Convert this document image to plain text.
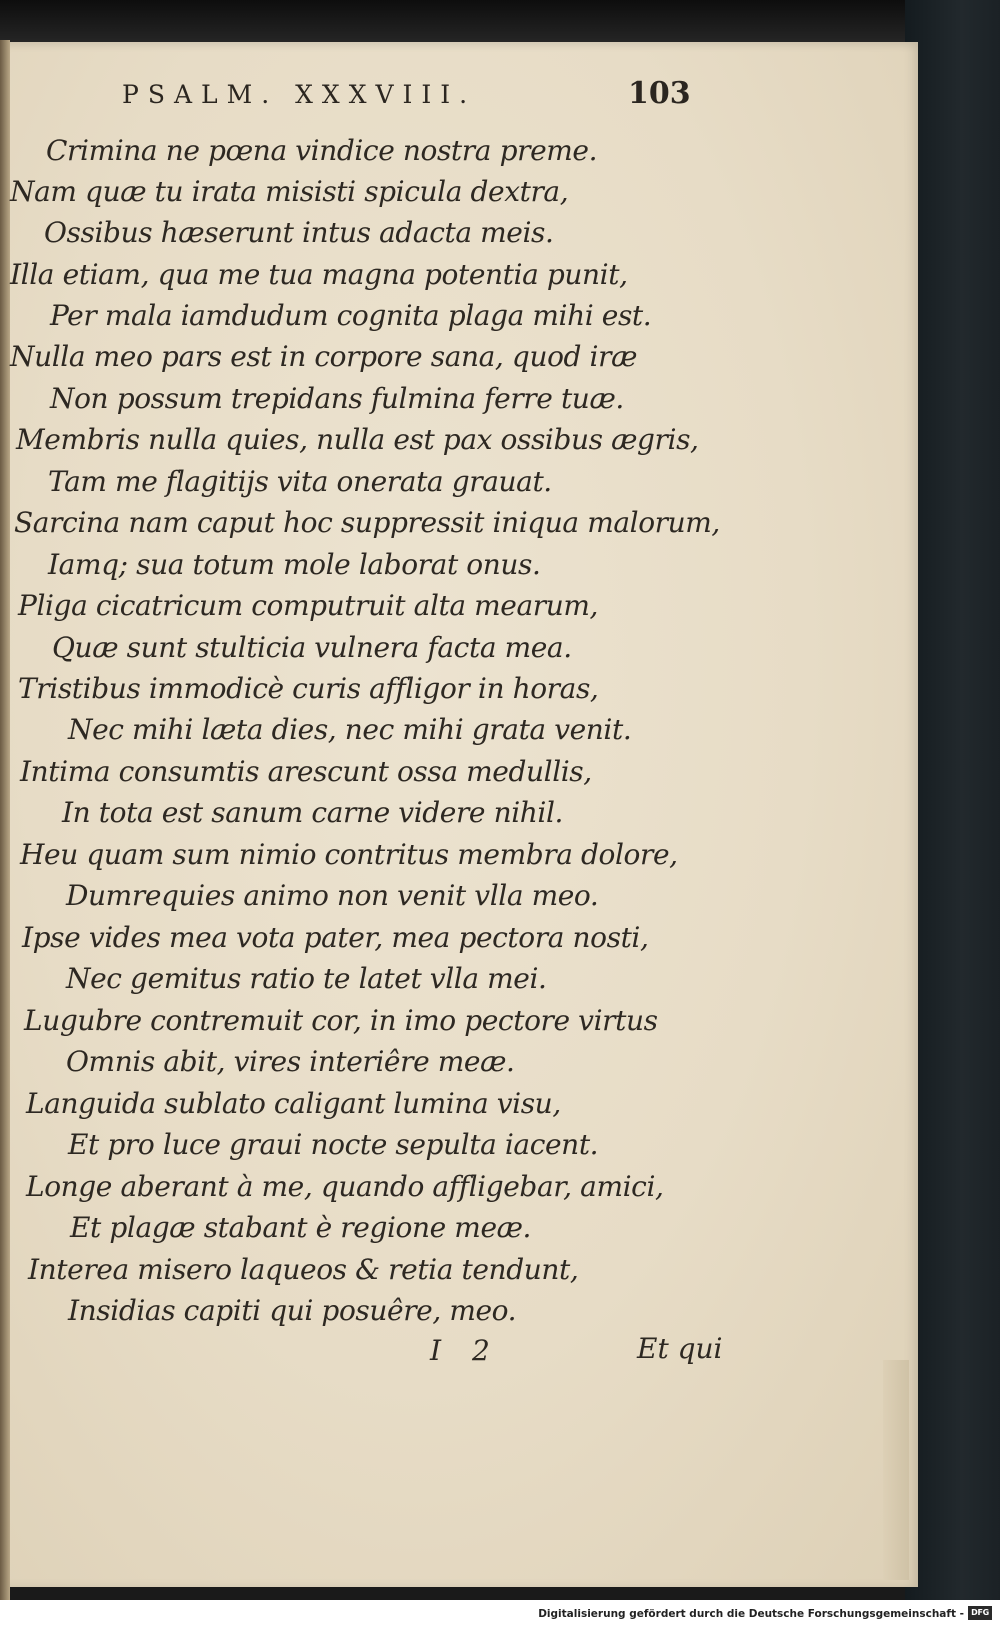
PSALM. XXXVIII.	103
Crimina ne pœna vindice nostra preme.
Nam quæ tu irata misisti spicula dextra,
Ossibus hæserunt intus adacta meis.
Illa etiam, qua me tua magna potentia punit,
Per mala iamdudum cognita plaga mihi est.
Nulla meo pars est in corpore sana, quod iræ
Non possum trepidans fulmina ferre tuæ.
Membris nulla quies, nulla est pax ossibus ægris,
Tam me flagitijs vita onerata grauat.
Sarcina nam caput hoc suppressit iniqua malorum,
Iamq; sua totum mole laborat onus.
Pliga cicatricum computruit alta mearum,
Quæ sunt stulticia vulnera facta mea.
Tristibus immodicè curis affligor in horas,
Nec mihi læta dies, nec mihi grata venit.
Intima consumtis arescunt ossa medullis,
In tota est sanum carne videre nihil.
Heu quam sum nimio contritus membra dolore,
Dumrequies animo non venit vlla meo.
Ipse vides mea vota pater, mea pectora nosti,
Nec gemitus ratio te latet vlla mei.
Lugubre contremuit cor, in imo pectore virtus
Omnis abit, vires interiêre meæ.
Languida sublato caligant lumina visu,
Et pro luce graui nocte sepulta iacent.
Longe aberant à me, quando affligebar, amici,
Et plagæ stabant è regione meæ.
Interea misero laqueos & retia tendunt,
Insidias capiti qui posuêre, meo.
I 2	Et qui
Digitalisierung gefördert durch die Deutsche Forschungsgemeinschaft - DFG
